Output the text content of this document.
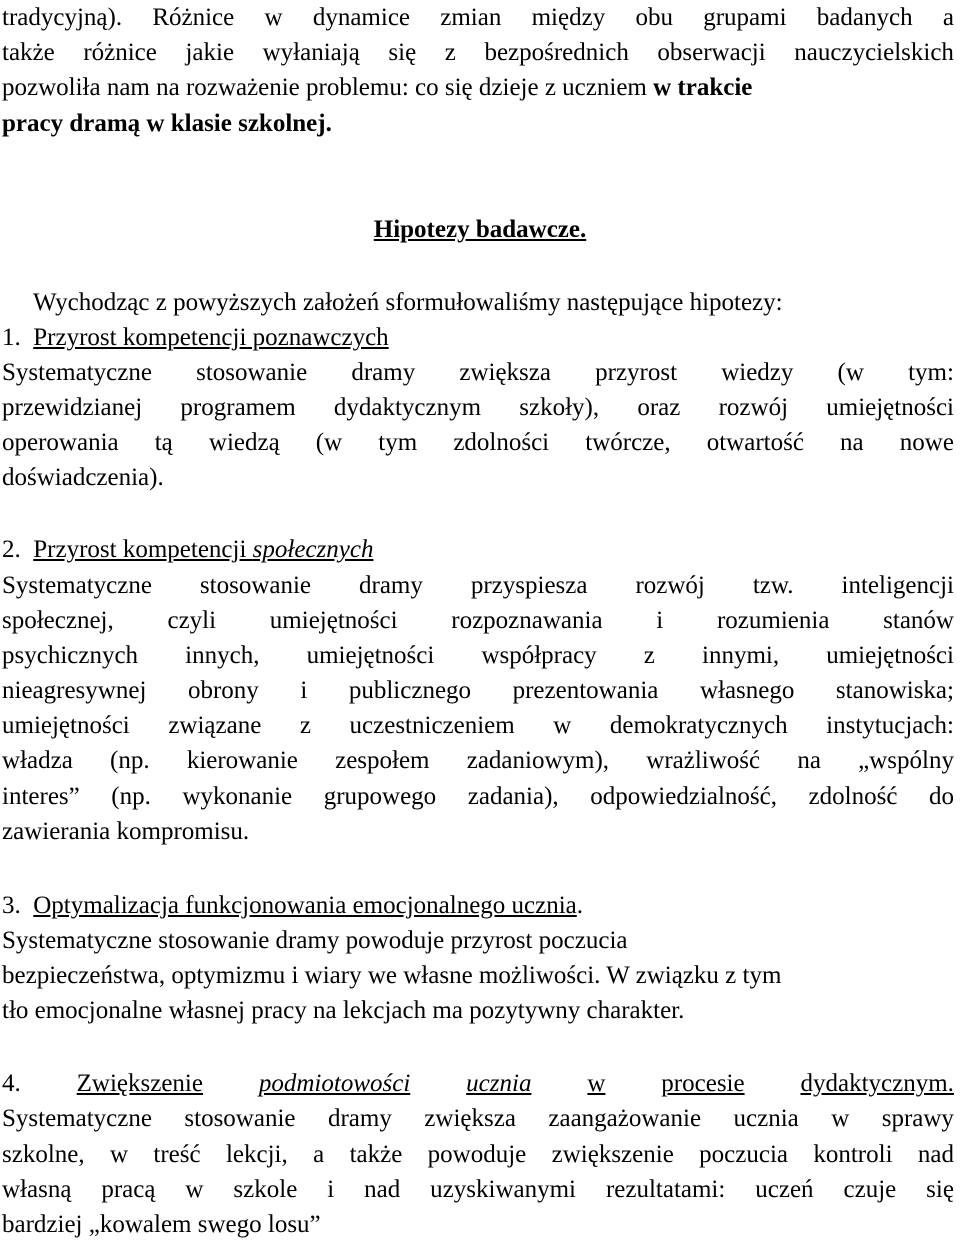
tradycyjną). Różnice w dynamice zmian między obu grupami badanych a
także różnice jakie wyłaniają się z bezpośrednich obserwacji nauczycielskich
pozwoliła nam na rozważenie problemu: co się dzieje z uczniem w trakcie
pracy dramą w klasie szkolnej.
Hipotezy badawcze.
Wychodząc z powyższych założeń sformułowaliśmy następujące hipotezy:
1. Przyrost kompetencji poznawczych
Systematyczne stosowanie dramy zwiększa przyrost wiedzy (w tym:
przewidzianej programem dydaktycznym szkoły), oraz rozwój umiejętności
operowania tą wiedzą (w tym zdolności twórcze, otwartość na nowe
doświadczenia).
2. Przyrost kompetencji społecznych
Systematyczne stosowanie dramy przyspiesza rozwój tzw. inteligencji
społecznej, czyli umiejętności rozpoznawania i rozumienia stanów
psychicznych innych, umiejętności współpracy z innymi, umiejętności
nieagresywnej obrony i publicznego prezentowania własnego stanowiska;
umiejętności związane z uczestniczeniem w demokratycznych instytucjach:
władza (np. kierowanie zespołem zadaniowym), wrażliwość na „wspólny
interes” (np. wykonanie grupowego zadania), odpowiedzialność, zdolność do
zawierania kompromisu.
3. Optymalizacja funkcjonowania emocjonalnego ucznia.
Systematyczne stosowanie dramy powoduje przyrost poczucia
bezpieczeństwa, optymizmu i wiary we własne możliwości. W związku z tym
tło emocjonalne własnej pracy na lekcjach ma pozytywny charakter.
4. Zwiększenie podmiotowości ucznia w procesie dydaktycznym.
Systematyczne stosowanie dramy zwiększa zaangażowanie ucznia w sprawy
szkolne, w treść lekcji, a także powoduje zwiększenie poczucia kontroli nad
własną pracą w szkole i nad uzyskiwanymi rezultatami: uczeń czuje się
bardziej „kowalem swego losu”
